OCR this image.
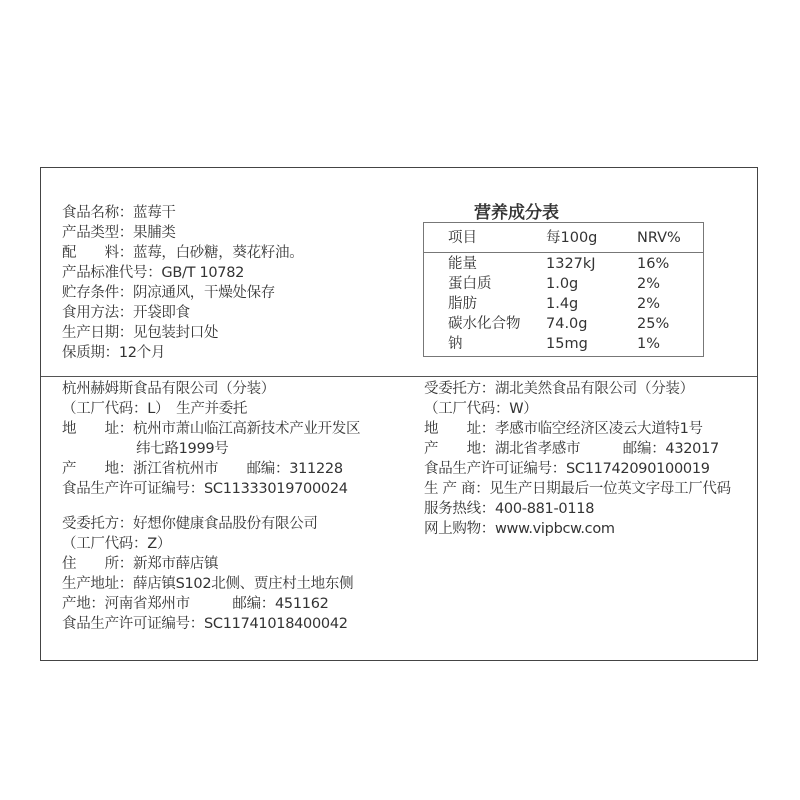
食品名称：蓝莓干
产品类型：果脯类
配　　料：蓝莓，白砂糖，葵花籽油。
产品标准代号：GB/T 10782
贮存条件：阴凉通风，干燥处保存
食用方法：开袋即食
生产日期：见包装封口处
保质期：12个月
营养成分表
项目	每100g	NRV%
能量	1327kJ	16%
蛋白质	1.0g	2%
脂肪	1.4g	2%
碳水化合物 74.0g	25%
钠	15mg	1%
杭州赫姆斯食品有限公司（分装）
（工厂代码：L）　生产并委托
地　　址：杭州市萧山临江高新技术产业开发区
纬七路1999号
产　　地：浙江省杭州市　　邮编：311228
食品生产许可证编号：SC11333019700024
受委托方：好想你健康食品股份有限公司
（工厂代码：Z）
住　　所：新郑市薛店镇
生产地址：薛店镇S102北侧、贾庄村土地东侧
产地：河南省郑州市　　　邮编：451162
食品生产许可证编号：SC11741018400042
受委托方：湖北美然食品有限公司（分装）
（工厂代码：W）
地　　址：孝感市临空经济区凌云大道特1号
产　　地：湖北省孝感市　　　邮编：432017
食品生产许可证编号：SC11742090100019
生 产 商：见生产日期最后一位英文字母工厂代码
服务热线：400-881-0118
网上购物：www.vipbcw.com
